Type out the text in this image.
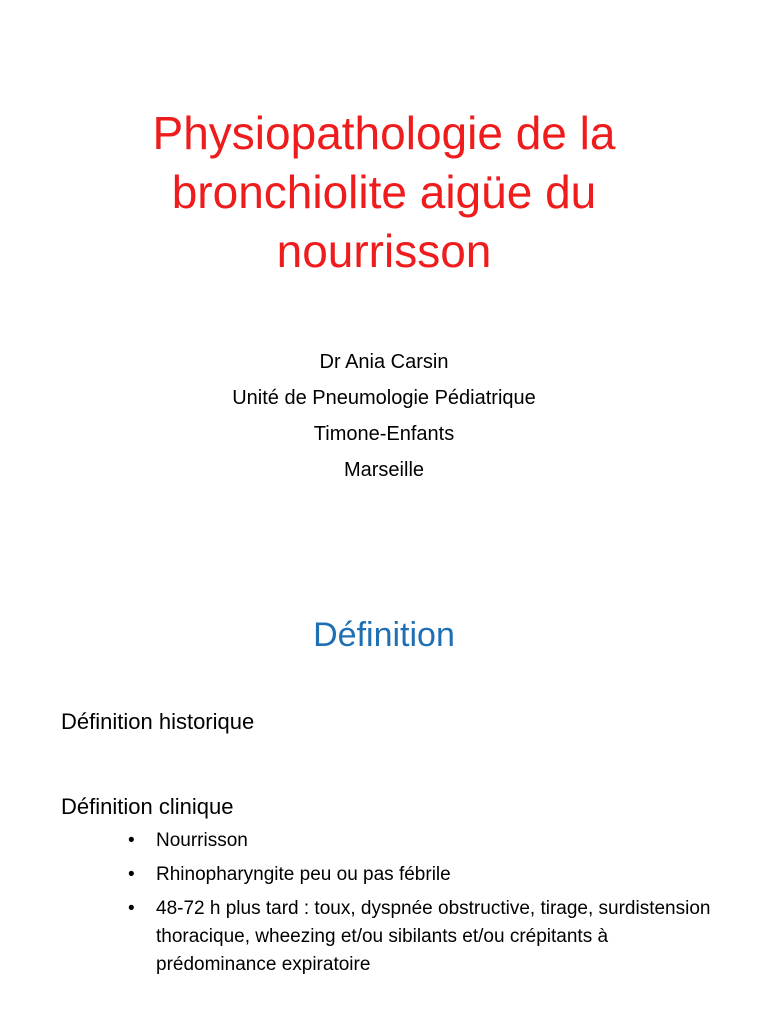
Physiopathologie de la
bronchiolite aigüe du
nourrisson
Dr Ania Carsin
Unité de Pneumologie Pédiatrique
Timone-Enfants
Marseille
Définition

Définition historique

Définition clinique

• Nourrisson
• Rhinopharyngite peu ou pas fébrile
• 48-72 h plus tard : toux, dyspnée obstructive, tirage, surdistension thoracique, wheezing et/ou sibilants et/ou crépitants à prédominance expiratoire
